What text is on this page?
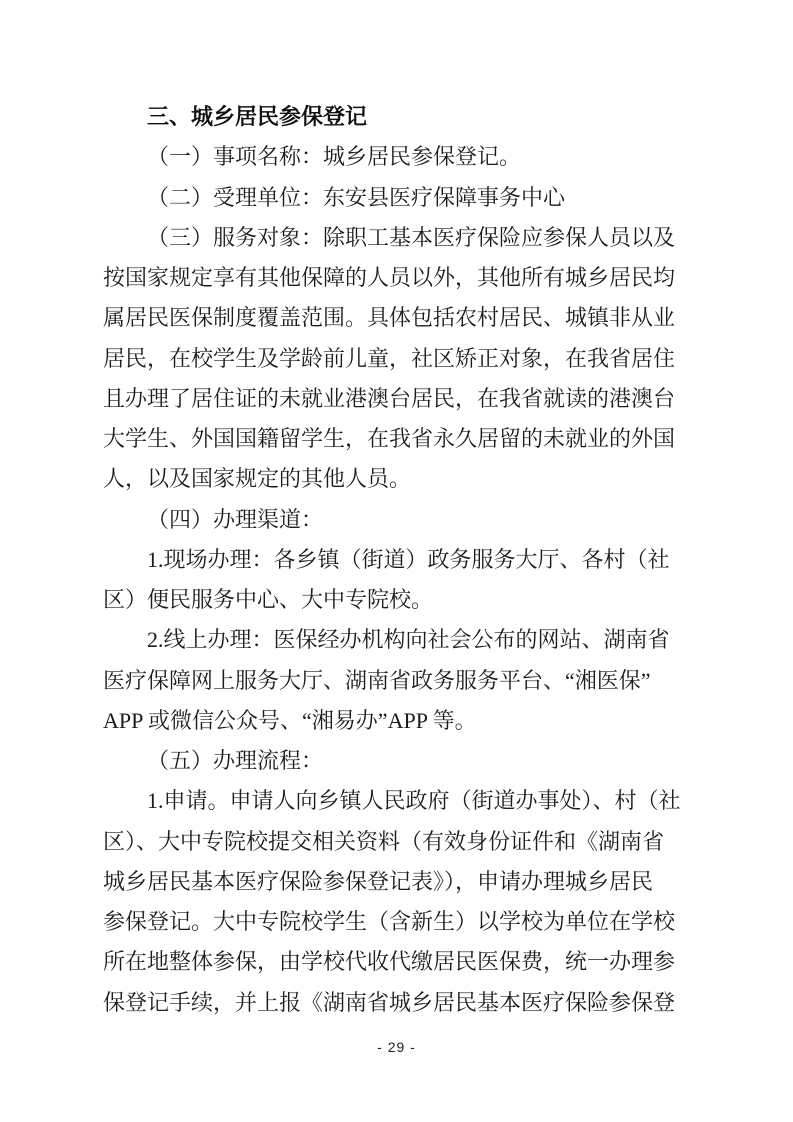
三、城乡居民参保登记
（一）事项名称：城乡居民参保登记。
（二）受理单位：东安县医疗保障事务中心
（三）服务对象：除职工基本医疗保险应参保人员以及
按国家规定享有其他保障的人员以外，其他所有城乡居民均
属居民医保制度覆盖范围。具体包括农村居民、城镇非从业
居民，在校学生及学龄前儿童，社区矫正对象，在我省居住
且办理了居住证的未就业港澳台居民，在我省就读的港澳台
大学生、外国国籍留学生，在我省永久居留的未就业的外国
人，以及国家规定的其他人员。
（四）办理渠道：
1.现场办理：各乡镇（街道）政务服务大厅、各村（社
区）便民服务中心、大中专院校。
2.线上办理：医保经办机构向社会公布的网站、湖南省
医疗保障网上服务大厅、湖南省政务服务平台、“湘医保”
APP 或微信公众号、“湘易办”APP 等。
（五）办理流程：
1.申请。申请人向乡镇人民政府（街道办事处）、村（社
区）、大中专院校提交相关资料（有效身份证件和《湖南省
城乡居民基本医疗保险参保登记表》），申请办理城乡居民
参保登记。大中专院校学生（含新生）以学校为单位在学校
所在地整体参保，由学校代收代缴居民医保费，统一办理参
保登记手续，并上报《湖南省城乡居民基本医疗保险参保登
- 29 -
